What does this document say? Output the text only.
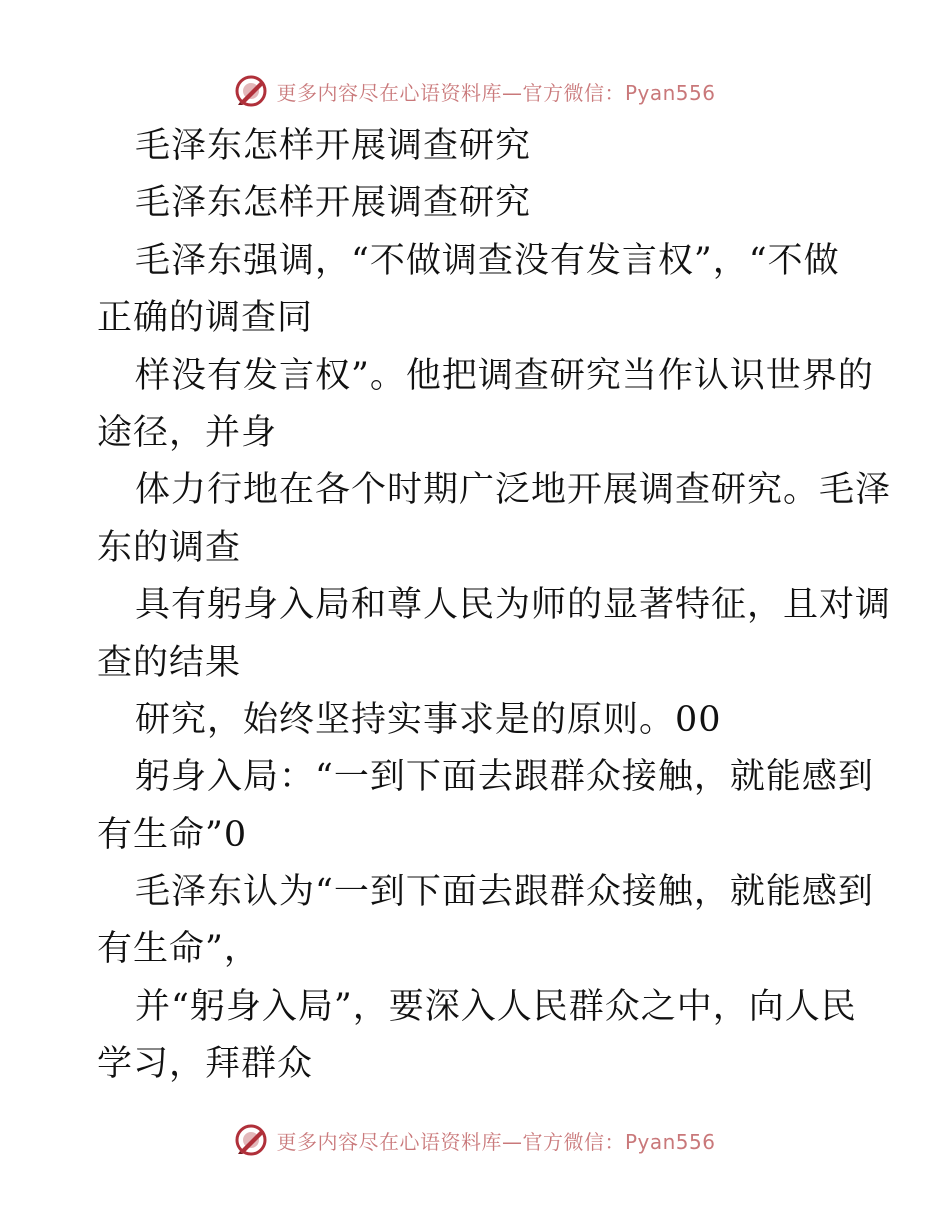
更多内容尽在心语资料库—官方微信：Pyan556
毛泽东怎样开展调查研究
毛泽东怎样开展调查研究
毛泽东强调，“不做调查没有发言权”，“不做
正确的调查同
样没有发言权”。他把调查研究当作认识世界的
途径，并身
体力行地在各个时期广泛地开展调查研究。毛泽
东的调查
具有躬身入局和尊人民为师的显著特征，且对调
查的结果
研究，始终坚持实事求是的原则。00
躬身入局：“一到下面去跟群众接触，就能感到
有生命”0
毛泽东认为“一到下面去跟群众接触，就能感到
有生命”，
并“躬身入局”，要深入人民群众之中，向人民
学习，拜群众
更多内容尽在心语资料库—官方微信：Pyan556
